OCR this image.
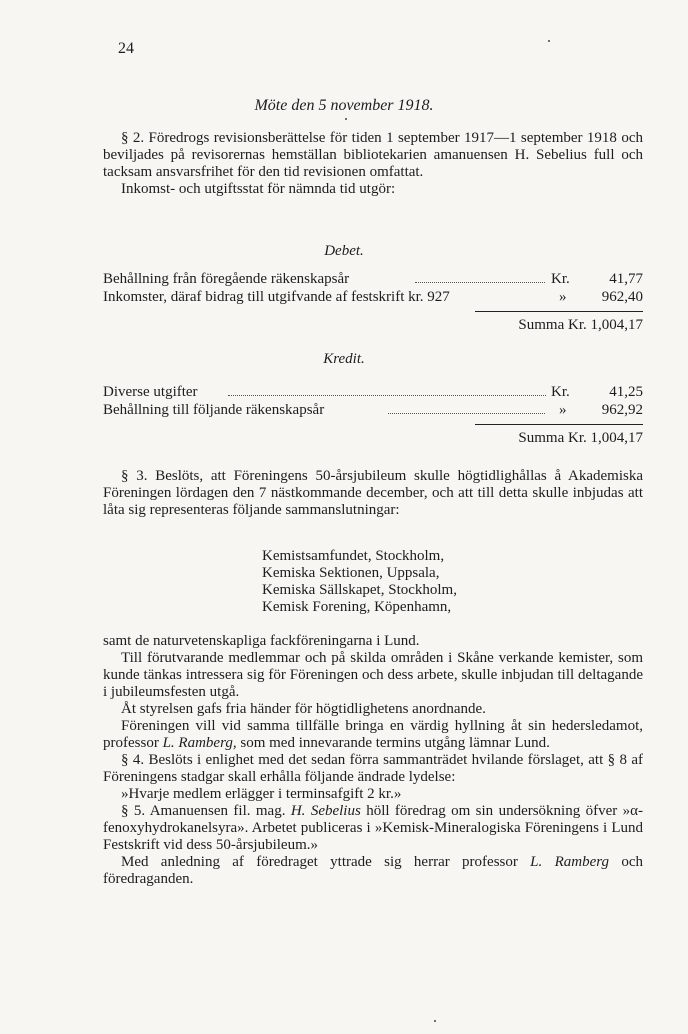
24
Möte den 5 november 1918.

§ 2. Föredrogs revisionsberättelse för tiden 1 september 1917—1 september 1918 och beviljades på revisorernas hemställan bibliotekarien amanuensen H. Sebelius full och tacksam ansvarsfrihet för den tid revisionen omfattat.

Inkomst- och utgiftsstat för nämnda tid utgör:

Debet.
Behållning från föregående räkenskapsår	Kr.	41,77
Inkomster, däraf bidrag till utgifvande af festskrift kr. 927	» 962,40
Summa Kr. 1,004,17
Kredit.
Diverse utgifter	Kr.	41,25
Behållning till följande räkenskapsår	» 962,92
Summa Kr. 1,004,17

§ 3. Beslöts, att Föreningens 50-årsjubileum skulle högtidlighållas å Akademiska Föreningen lördagen den 7 nästkommande december, och att till detta skulle inbjudas att låta sig representeras följande sammanslutningar:

Kemistsamfundet, Stockholm,
Kemiska Sektionen, Uppsala,
Kemiska Sällskapet, Stockholm,
Kemisk Forening, Köpenhamn,

samt de naturvetenskapliga fackföreningarna i Lund.

Till förutvarande medlemmar och på skilda områden i Skåne verkande kemister, som kunde tänkas intressera sig för Föreningen och dess arbete, skulle inbjudan till deltagande i jubileumsfesten utgå.

Åt styrelsen gafs fria händer för högtidlighetens anordnande.

Föreningen vill vid samma tillfälle bringa en värdig hyllning åt sin hedersledamot, professor L. Ramberg, som med innevarande termins utgång lämnar Lund.

§ 4. Beslöts i enlighet med det sedan förra sammanträdet hvilande förslaget, att § 8 af Föreningens stadgar skall erhålla följande ändrade lydelse:

»Hvarje medlem erlägger i terminsafgift 2 kr.»

§ 5. Amanuensen fil. mag. H. Sebelius höll föredrag om sin undersökning öfver »α-fenoxyhydrokanelsyra». Arbetet publiceras i »Kemisk-Mineralogiska Föreningens i Lund Festskrift vid dess 50-årsjubileum.»

Med anledning af föredraget yttrade sig herrar professor L. Ramberg och föredraganden.
